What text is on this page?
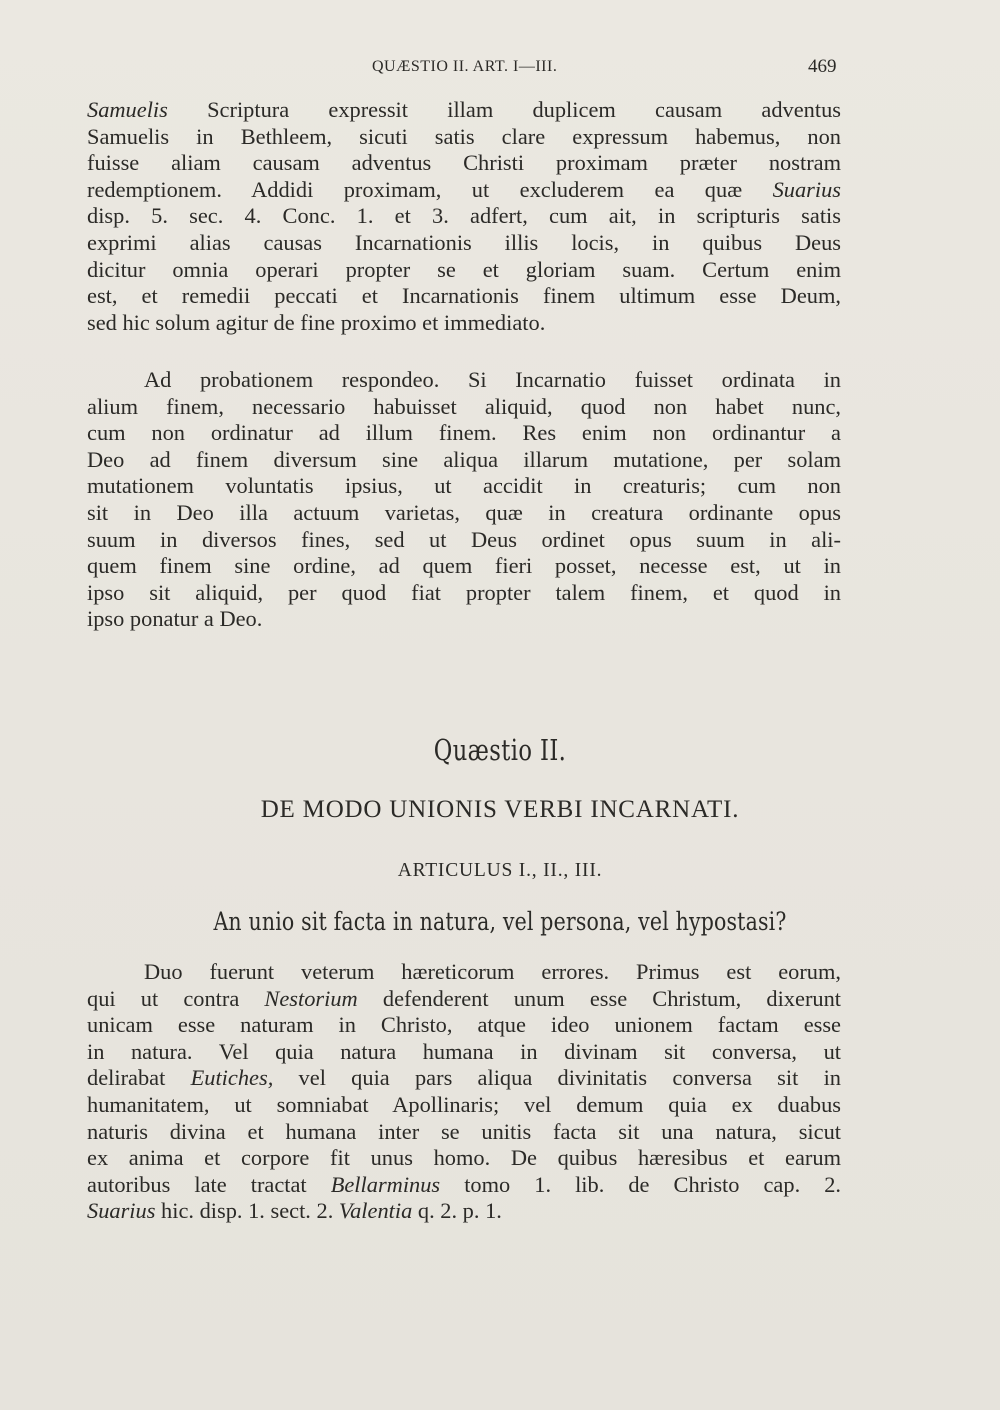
QUÆSTIO II. ART. I—III.	469
Samuelis Scriptura expressit illam duplicem causam adventus
Samuelis in Bethleem, sicuti satis clare expressum habemus, non
fuisse aliam causam adventus Christi proximam præter nostram
redemptionem. Addidi proximam, ut excluderem ea quæ Suarius
disp. 5. sec. 4. Conc. 1. et 3. adfert, cum ait, in scripturis satis
exprimi alias causas Incarnationis illis locis, in quibus Deus
dicitur omnia operari propter se et gloriam suam. Certum enim
est, et remedii peccati et Incarnationis finem ultimum esse Deum,
sed hic solum agitur de fine proximo et immediato.
Ad probationem respondeo. Si Incarnatio fuisset ordinata in
alium finem, necessario habuisset aliquid, quod non habet nunc,
cum non ordinatur ad illum finem. Res enim non ordinantur a
Deo ad finem diversum sine aliqua illarum mutatione, per solam
mutationem voluntatis ipsius, ut accidit in creaturis; cum non
sit in Deo illa actuum varietas, quæ in creatura ordinante opus
suum in diversos fines, sed ut Deus ordinet opus suum in ali-
quem finem sine ordine, ad quem fieri posset, necesse est, ut in
ipso sit aliquid, per quod fiat propter talem finem, et quod in
ipso ponatur a Deo.
Quæstio II.
DE MODO UNIONIS VERBI INCARNATI.
ARTICULUS I., II., III.
An unio sit facta in natura, vel persona, vel hypostasi?
Duo fuerunt veterum hæreticorum errores. Primus est eorum,
qui ut contra Nestorium defenderent unum esse Christum, dixerunt
unicam esse naturam in Christo, atque ideo unionem factam esse
in natura. Vel quia natura humana in divinam sit conversa, ut
delirabat Eutiches, vel quia pars aliqua divinitatis conversa sit in
humanitatem, ut somniabat Apollinaris; vel demum quia ex duabus
naturis divina et humana inter se unitis facta sit una natura, sicut
ex anima et corpore fit unus homo. De quibus hæresibus et earum
autoribus late tractat Bellarminus tomo 1. lib. de Christo cap. 2.
Suarius hic. disp. 1. sect. 2. Valentia q. 2. p. 1.
